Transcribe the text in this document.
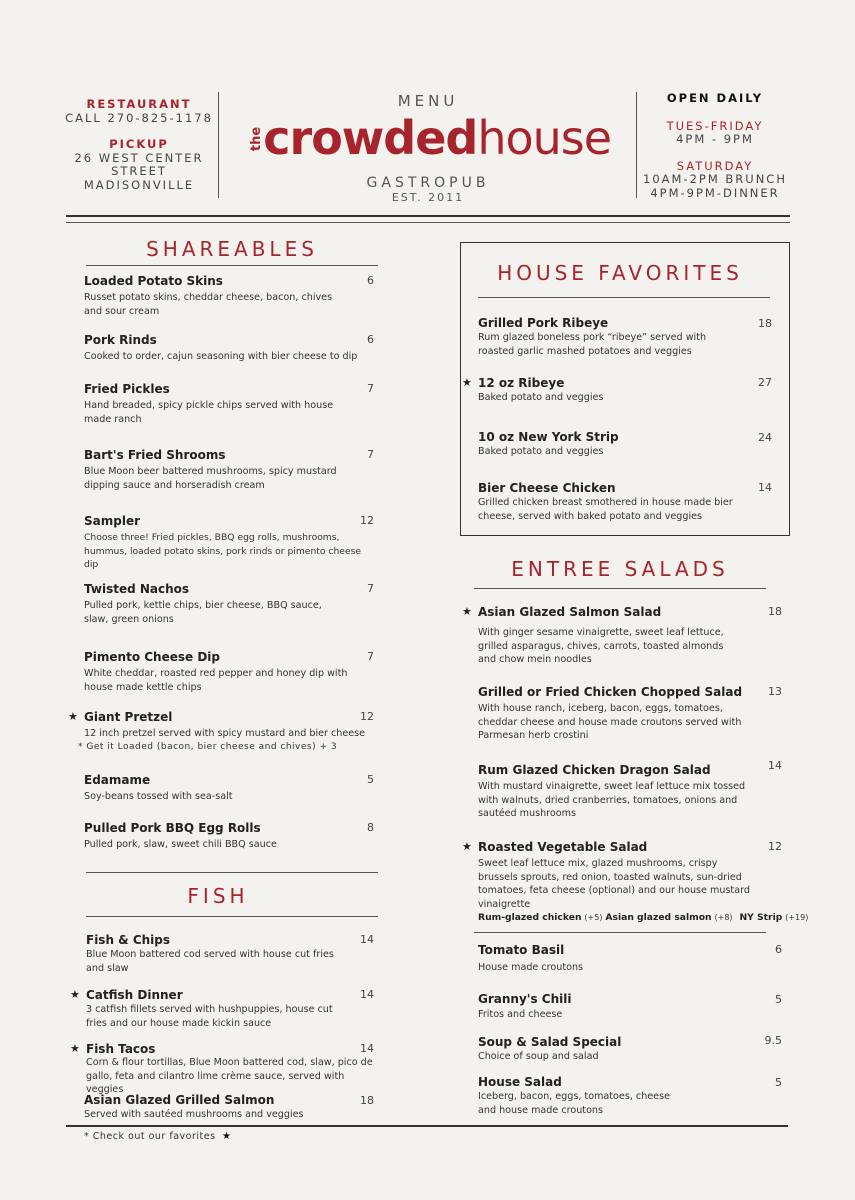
RESTAURANT
CALL 270-825-1178
PICKUP
26 WEST CENTER
STREET
MADISONVILLE
MENU
thecrowdedhouse
GASTROPUB
EST. 2011
OPEN DAILY
TUES-FRIDAY
4PM - 9PM
SATURDAY
10AM-2PM BRUNCH
4PM-9PM-DINNER
SHAREABLES
Loaded Potato Skins
Russet potato skins, cheddar cheese, bacon, chives and sour cream
6
Pork Rinds
Cooked to order, cajun seasoning with bier cheese to dip
6
Fried Pickles
Hand breaded, spicy pickle chips served with house made ranch
7
Bart's Fried Shrooms
Blue Moon beer battered mushrooms, spicy mustard dipping sauce and horseradish cream
7
Sampler
Choose three! Fried pickles, BBQ egg rolls, mushrooms, hummus, loaded potato skins, pork rinds or pimento cheese dip
12
Twisted Nachos
Pulled pork, kettle chips, bier cheese, BBQ sauce, slaw, green onions
7
Pimento Cheese Dip
White cheddar, roasted red pepper and honey dip with house made kettle chips
7
★ Giant Pretzel
12 inch pretzel served with spicy mustard and bier cheese
* Get it Loaded (bacon, bier cheese and chives) + 3
12
Edamame
Soy-beans tossed with sea-salt
5
Pulled Pork BBQ Egg Rolls
Pulled pork, slaw, sweet chili BBQ sauce
8
FISH
Fish & Chips
Blue Moon battered cod served with house cut fries and slaw
14
★ Catfish Dinner
3 catfish fillets served with hushpuppies, house cut fries and our house made kickin sauce
14
★ Fish Tacos
Corn & flour tortillas, Blue Moon battered cod, slaw, pico de gallo, feta and cilantro lime crème sauce, served with veggies
14
Asian Glazed Grilled Salmon
Served with sautéed mushrooms and veggies
18
HOUSE FAVORITES
Grilled Pork Ribeye
Rum glazed boneless pork “ribeye” served with roasted garlic mashed potatoes and veggies
18
★ 12 oz Ribeye
Baked potato and veggies
27
10 oz New York Strip
Baked potato and veggies
24
Bier Cheese Chicken
Grilled chicken breast smothered in house made bier cheese, served with baked potato and veggies
14
ENTREE SALADS
★ Asian Glazed Salmon Salad
With ginger sesame vinaigrette, sweet leaf lettuce, grilled asparagus, chives, carrots, toasted almonds and chow mein noodles
18
Grilled or Fried Chicken Chopped Salad
With house ranch, iceberg, bacon, eggs, tomatoes, cheddar cheese and house made croutons served with Parmesan herb crostini
13
Rum Glazed Chicken Dragon Salad
With mustard vinaigrette, sweet leaf lettuce mix tossed with walnuts, dried cranberries, tomatoes, onions and sautéed mushrooms
14
★ Roasted Vegetable Salad
Sweet leaf lettuce mix, glazed mushrooms, crispy brussels sprouts, red onion, toasted walnuts, sun-dried tomatoes, feta cheese (optional) and our house mustard vinaigrette
Rum-glazed chicken (+5) Asian glazed salmon (+8) NY Strip (+19)
12
Tomato Basil
House made croutons
6
Granny's Chili
Fritos and cheese
5
Soup & Salad Special
Choice of soup and salad
9.5
House Salad
Iceberg, bacon, eggs, tomatoes, cheese and house made croutons
5
* Check out our favorites ★
